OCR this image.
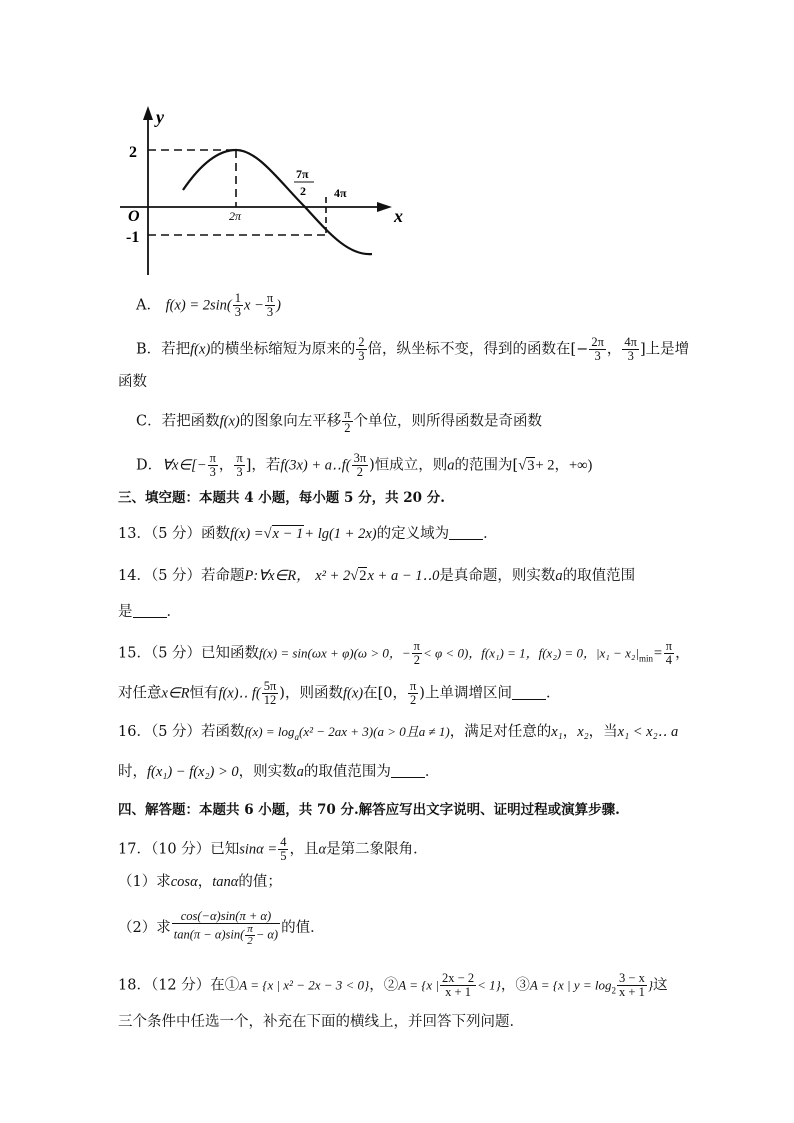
y
x
O
2
-1
2π
7π
2 4π
A． $f(x) = 2\sin( \frac{1}{3}$ $x - \frac{\pi}{3}$ )
B．若把f(x)的横坐标缩短为原来的 $\frac{2}{3}$ 倍，纵坐标不变，得到的函数在[− $\frac{2\pi}{3}$ ， $\frac{4\pi}{3}$ ]上是增
函数
C．若把函数f(x)的图象向左平移 $\frac{\pi}{2}$ 个单位，则所得函数是奇函数
D．∀x∈[− $\frac{\pi}{3}$ ， $\frac{\pi}{3}$ ]，若f(3x) + a‥f( $\frac{3\pi}{2}$ )恒成立，则a的范围为[√3+ 2，+∞)
三、填空题：本题共 4 小题，每小题 5 分，共 20 分.
13．（5 分）函数f(x) =√x − 1+ lg(1 + 2x)的定义域为 ．
14．（5 分）若命题P:∀x∈R， x² + 2√2x + a − 1‥0是真命题，则实数a的取值范围
是 ．
15．（5 分）已知函数f(x) = sin(ωx + φ)(ω > 0，− $\frac{\pi}{2} < \varphi < 0$)，f(x₁) = 1，f(x₂) = 0，$|x_1 - x_2|_{min}= \frac{\pi}{4}$ ，
对任意x∈R恒有f(x)‥ $f( \frac{5\pi}{12}$ )，则函数f(x)在[0， $\frac{\pi}{2}$ )上单调增区间 ．
16．（5 分）若函数$f(x) = \log_a(x^2 - 2ax + 3)(a > 0$且a ≠ 1)，满足对任意的x₁，x₂，当x₁ < x₂‥ a
时，f(x₁) − f(x₂) > 0，则实数a的取值范围为 ．
四、解答题：本题共 6 小题，共 70 分.解答应写出文字说明、证明过程或演算步骤.
17．（10 分）已知$\sin\alpha = \frac{4}{5}$ ，且α是第二象限角．
（1）求cosα，tanα的值；
（2）求 $\frac{\cos(-\alpha)\sin(\pi + \alpha)}{\tan(\pi - \alpha)\sin( \frac{\pi}{2} - \alpha)}$ 的值．
18．（12 分）在①A = {x | x² − 2x − 3 < 0}，②A = {x | $\frac{2x - 2}{x + 1} < 1$}，③A = {x | $y = \log_2 \frac{3 - x}{x + 1}$ }这
三个条件中任选一个，补充在下面的横线上，并回答下列问题．
